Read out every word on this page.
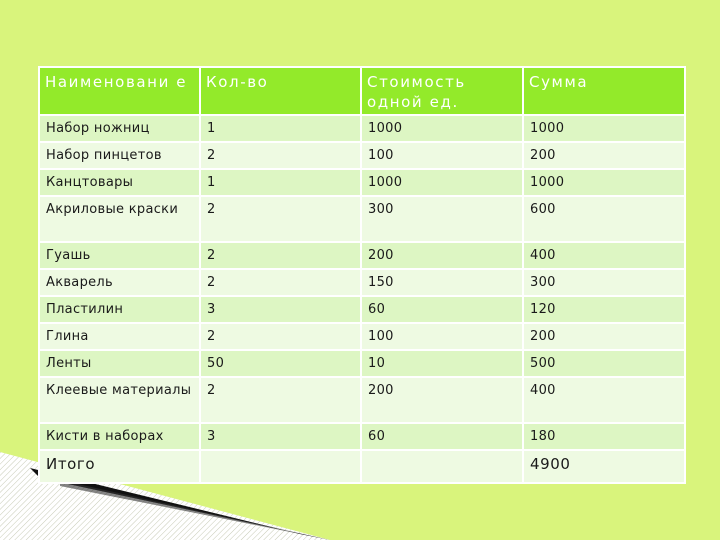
Наименовани е	Кол-во	Стоимость одной ед.	Сумма
Набор ножниц	1	1000	1000
Набор пинцетов	2	100	200
Канцтовары	1	1000	1000
Акриловые краски	2	300	600
Гуашь	2	200	400
Акварель	2	150	300
Пластилин	3	60	120
Глина	2	100	200
Ленты	50	10	500
Клеевые материалы	2	200	400
Кисти в наборах	3	60	180
Итого			4900
